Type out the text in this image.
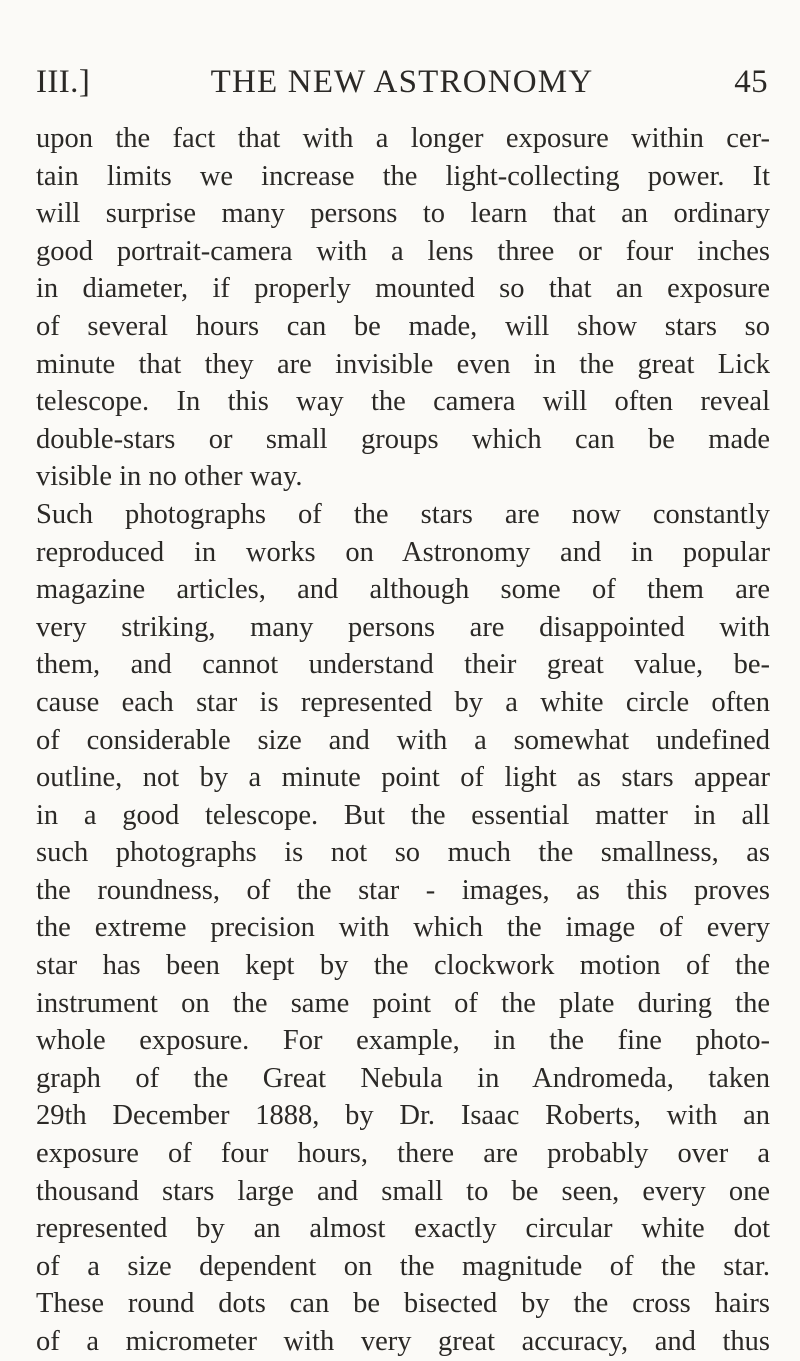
III.]	THE NEW ASTRONOMY	45
upon the fact that with a longer exposure within cer-
tain limits we increase the light-collecting power. It
will surprise many persons to learn that an ordinary
good portrait-camera with a lens three or four inches
in diameter, if properly mounted so that an exposure
of several hours can be made, will show stars so
minute that they are invisible even in the great Lick
telescope. In this way the camera will often reveal
double-stars or small groups which can be made
visible in no other way.
Such photographs of the stars are now constantly
reproduced in works on Astronomy and in popular
magazine articles, and although some of them are
very striking, many persons are disappointed with
them, and cannot understand their great value, be-
cause each star is represented by a white circle often
of considerable size and with a somewhat undefined
outline, not by a minute point of light as stars appear
in a good telescope. But the essential matter in all
such photographs is not so much the smallness, as
the roundness, of the star - images, as this proves
the extreme precision with which the image of every
star has been kept by the clockwork motion of the
instrument on the same point of the plate during the
whole exposure. For example, in the fine photo-
graph of the Great Nebula in Andromeda, taken
29th December 1888, by Dr. Isaac Roberts, with an
exposure of four hours, there are probably over a
thousand stars large and small to be seen, every one
represented by an almost exactly circular white dot
of a size dependent on the magnitude of the star.
These round dots can be bisected by the cross hairs
of a micrometer with very great accuracy, and thus
